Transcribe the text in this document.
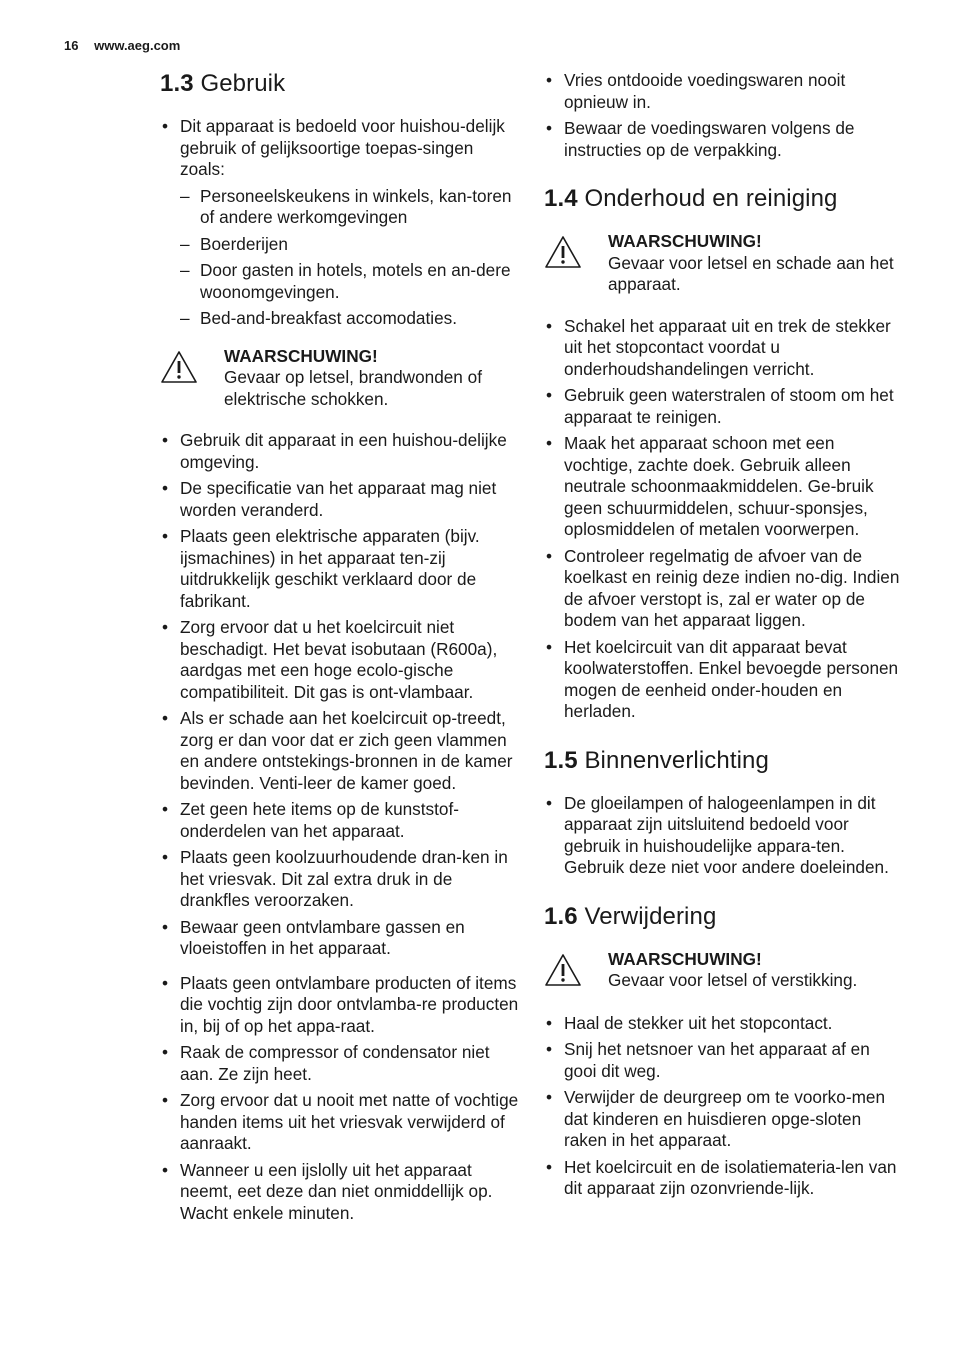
16 www.aeg.com
1.3 Gebruik
• Dit apparaat is bedoeld voor huishou-delijk gebruik of gelijksoortige toepas-singen zoals:
– Personeelskeukens in winkels, kan-toren of andere werkomgevingen
– Boerderijen
– Door gasten in hotels, motels en an-dere woonomgevingen.
– Bed-and-breakfast accomodaties.
WAARSCHUWING!
Gevaar op letsel, brandwonden of elektrische schokken.
• Gebruik dit apparaat in een huishou-delijke omgeving.
• De specificatie van het apparaat mag niet worden veranderd.
• Plaats geen elektrische apparaten (bijv. ijsmachines) in het apparaat ten-zij uitdrukkelijk geschikt verklaard door de fabrikant.
• Zorg ervoor dat u het koelcircuit niet beschadigt. Het bevat isobutaan (R600a), aardgas met een hoge ecolo-gische compatibiliteit. Dit gas is ont-vlambaar.
• Als er schade aan het koelcircuit op-treedt, zorg er dan voor dat er zich geen vlammen en andere ontstekings-bronnen in de kamer bevinden. Venti-leer de kamer goed.
• Zet geen hete items op de kunststof-onderdelen van het apparaat.
• Plaats geen koolzuurhoudende dran-ken in het vriesvak. Dit zal extra druk in de drankfles veroorzaken.
• Bewaar geen ontvlambare gassen en vloeistoffen in het apparaat.
• Plaats geen ontvlambare producten of items die vochtig zijn door ontvlamba-re producten in, bij of op het appa-raat.
• Raak de compressor of condensator niet aan. Ze zijn heet.
• Zorg ervoor dat u nooit met natte of vochtige handen items uit het vriesvak verwijderd of aanraakt.
• Wanneer u een ijslolly uit het apparaat neemt, eet deze dan niet onmiddellijk op. Wacht enkele minuten.
• Vries ontdooide voedingswaren nooit opnieuw in.
• Bewaar de voedingswaren volgens de instructies op de verpakking.
1.4 Onderhoud en reiniging
WAARSCHUWING!
Gevaar voor letsel en schade aan het apparaat.
• Schakel het apparaat uit en trek de stekker uit het stopcontact voordat u onderhoudshandelingen verricht.
• Gebruik geen waterstralen of stoom om het apparaat te reinigen.
• Maak het apparaat schoon met een vochtige, zachte doek. Gebruik alleen neutrale schoonmaakmiddelen. Ge-bruik geen schuurmiddelen, schuur-sponsjes, oplosmiddelen of metalen voorwerpen.
• Controleer regelmatig de afvoer van de koelkast en reinig deze indien no-dig. Indien de afvoer verstopt is, zal er water op de bodem van het apparaat liggen.
• Het koelcircuit van dit apparaat bevat koolwaterstoffen. Enkel bevoegde personen mogen de eenheid onder-houden en herladen.
1.5 Binnenverlichting
• De gloeilampen of halogeenlampen in dit apparaat zijn uitsluitend bedoeld voor gebruik in huishoudelijke appara-ten. Gebruik deze niet voor andere doeleinden.
1.6 Verwijdering
WAARSCHUWING!
Gevaar voor letsel of verstikking.
• Haal de stekker uit het stopcontact.
• Snij het netsnoer van het apparaat af en gooi dit weg.
• Verwijder de deurgreep om te voorko-men dat kinderen en huisdieren opge-sloten raken in het apparaat.
• Het koelcircuit en de isolatiemateria-len van dit apparaat zijn ozonvriende-lijk.
